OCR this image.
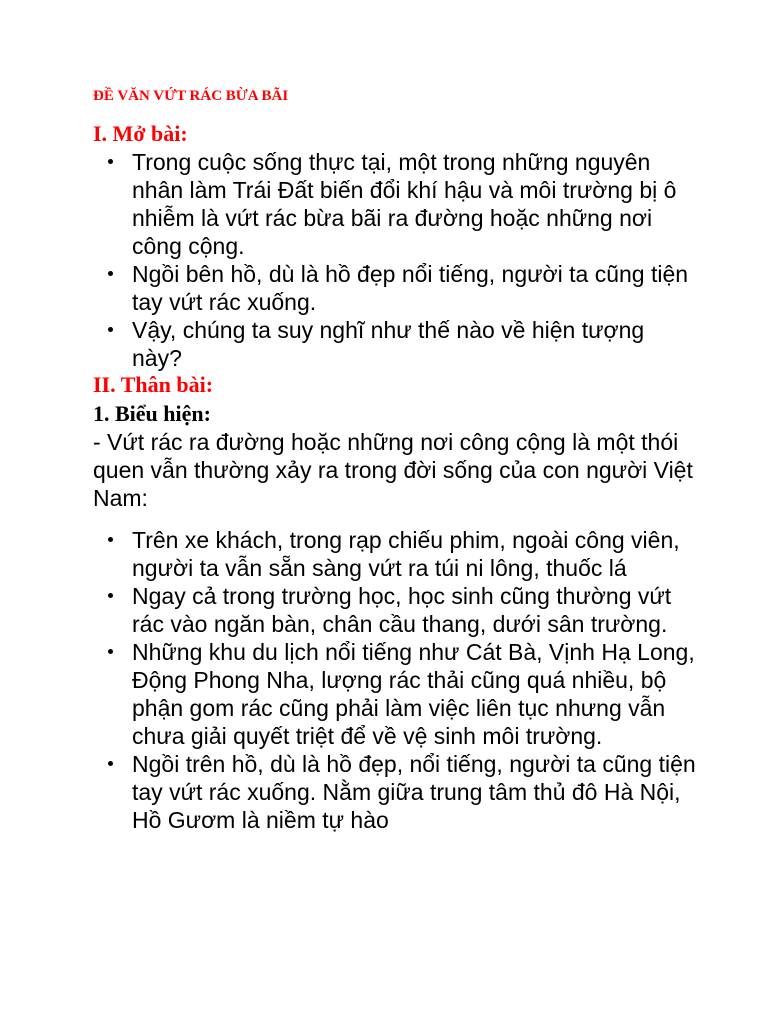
ĐỀ VĂN VỨT RÁC BỪA BÃI
I. Mở bài:
Trong cuộc sống thực tại, một trong những nguyên nhân làm Trái Đất biến đổi khí hậu và môi trường bị ô nhiễm là vứt rác bừa bãi ra đường hoặc những nơi công cộng.
Ngồi bên hồ, dù là hồ đẹp nổi tiếng, người ta cũng tiện tay vứt rác xuống.
Vậy, chúng ta suy nghĩ như thế nào về hiện tượng này?
II. Thân bài:
1. Biểu hiện:
- Vứt rác ra đường hoặc những nơi công cộng là một thói quen vẫn thường xảy ra trong đời sống của con người Việt Nam:
Trên xe khách, trong rạp chiếu phim, ngoài công viên, người ta vẫn sẵn sàng vứt ra túi ni lông, thuốc lá
Ngay cả trong trường học, học sinh cũng thường vứt rác vào ngăn bàn, chân cầu thang, dưới sân trường.
Những khu du lịch nổi tiếng như Cát Bà, Vịnh Hạ Long, Động Phong Nha, lượng rác thải cũng quá nhiều, bộ phận gom rác cũng phải làm việc liên tục nhưng vẫn chưa giải quyết triệt để về vệ sinh môi trường.
Ngồi trên hồ, dù là hồ đẹp, nổi tiếng, người ta cũng tiện tay vứt rác xuống. Nằm giữa trung tâm thủ đô Hà Nội, Hồ Gươm là niềm tự hào
